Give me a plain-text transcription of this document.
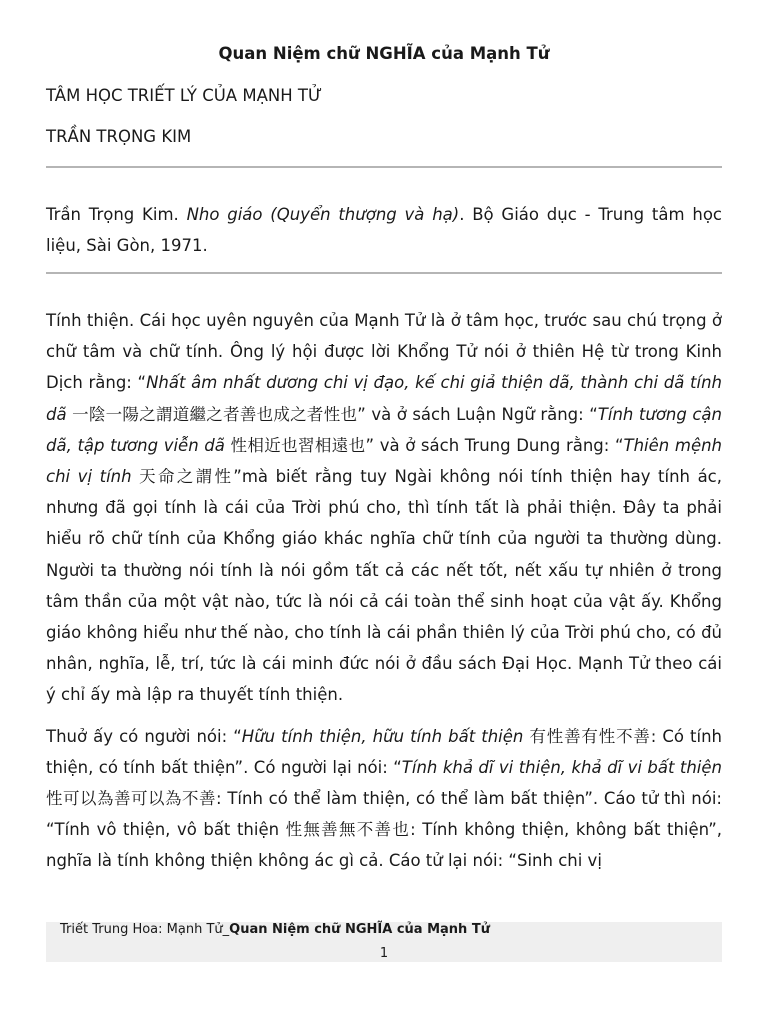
Quan Niệm chữ NGHĨA của Mạnh Tử
TÂM HỌC TRIẾT LÝ CỦA MẠNH TỬ
TRẦN TRỌNG KIM
Trần Trọng Kim. Nho giáo (Quyển thượng và hạ). Bộ Giáo dục - Trung tâm học liệu, Sài Gòn, 1971.

Tính thiện. Cái học uyên nguyên của Mạnh Tử là ở tâm học, trước sau chú trọng ở chữ tâm và chữ tính. Ông lý hội được lời Khổng Tử nói ở thiên Hệ từ trong Kinh Dịch rằng: “Nhất âm nhất dương chi vị đạo, kế chi giả thiện dã, thành chi dã tính dã 一陰一陽之謂道繼之者善也成之者性也” và ở sách Luận Ngữ rằng: “Tính tương cận dã, tập tương viễn dã 性相近也習相遠也” và ở sách Trung Dung rằng: “Thiên mệnh chi vị tính 天命之謂性”mà biết rằng tuy Ngài không nói tính thiện hay tính ác, nhưng đã gọi tính là cái của Trời phú cho, thì tính tất là phải thiện. Đây ta phải hiểu rõ chữ tính của Khổng giáo khác nghĩa chữ tính của người ta thường dùng. Người ta thường nói tính là nói gồm tất cả các nết tốt, nết xấu tự nhiên ở trong tâm thần của một vật nào, tức là nói cả cái toàn thể sinh hoạt của vật ấy. Khổng giáo không hiểu như thế nào, cho tính là cái phần thiên lý của Trời phú cho, có đủ nhân, nghĩa, lễ, trí, tức là cái minh đức nói ở đầu sách Đại Học. Mạnh Tử theo cái ý chỉ ấy mà lập ra thuyết tính thiện.

Thuở ấy có người nói: “Hữu tính thiện, hữu tính bất thiện 有性善有性不善: Có tính thiện, có tính bất thiện”. Có người lại nói: “Tính khả dĩ vi thiện, khả dĩ vi bất thiện 性可以為善可以為不善: Tính có thể làm thiện, có thể làm bất thiện”. Cáo tử thì nói: “Tính vô thiện, vô bất thiện 性無善無不善也: Tính không thiện, không bất thiện”, nghĩa là tính không thiện không ác gì cả. Cáo tử lại nói: “Sinh chi vị

Triết Trung Hoa: Mạnh Tử_Quan Niệm chữ NGHĨA của Mạnh Tử
1
